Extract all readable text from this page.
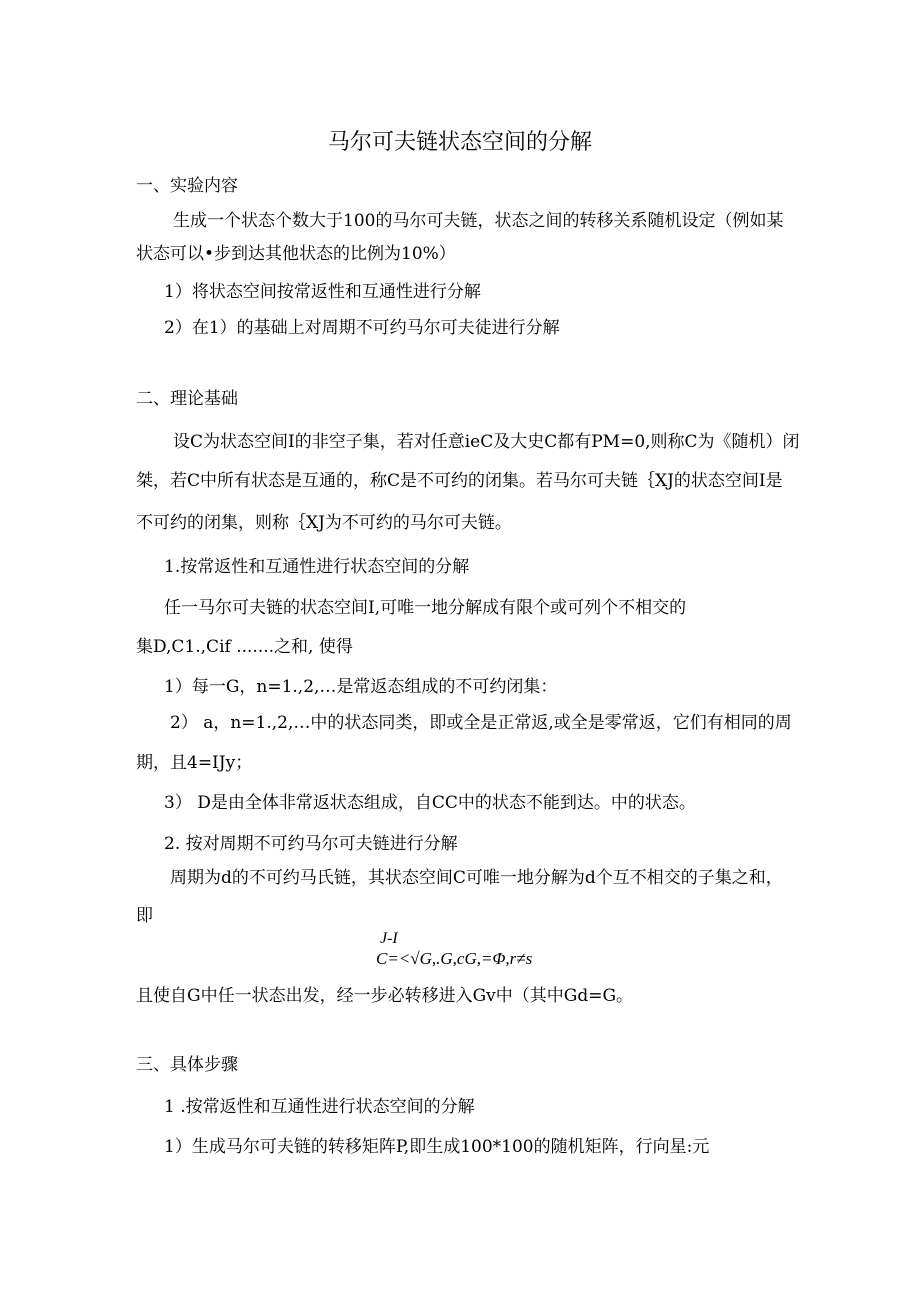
马尔可夫链状态空间的分解
一、实验内容
生成一个状态个数大于100的马尔可夫链，状态之间的转移关系随机设定（例如某
状态可以•步到达其他状态的比例为10%）
1）将状态空间按常返性和互通性进行分解
2）在1）的基础上对周期不可约马尔可夫徒进行分解
二、理论基础
设C为状态空间I的非空子集，若对任意ieC及大史C都有PM=0,则称C为《随机）闭
桀，若C中所有状态是互通的，称C是不可约的闭集。若马尔可夫链｛XJ的状态空间I是
不可约的闭集，则称｛XJ为不可约的马尔可夫链。
1.按常返性和互通性进行状态空间的分解
任一马尔可夫链的状态空间I,可唯一地分解成有限个或可列个不相交的
集D,C1.,Cif .......之和, 使得
1）每一G，n=1.,2,…是常返态组成的不可约闭集：
2） a，n=1.,2,…中的状态同类，即或全是正常返,或全是零常返，它们有相同的周
期，且4=IJy；
3） D是由全体非常返状态组成，自CC中的状态不能到达。中的状态。
2. 按对周期不可约马尔可夫链进行分解
周期为d的不可约马氏链，其状态空间C可唯一地分解为d个互不相交的子集之和，
即
J-I
C=<√G,.G,cG,=Φ,r≠s
且使自G中任一状态出发，经一步必转移进入Gv中（其中Gd=G。
三、具体步骤
1 .按常返性和互通性进行状态空间的分解
1）生成马尔可夫链的转移矩阵P,即生成100*100的随机矩阵，行向星:元
